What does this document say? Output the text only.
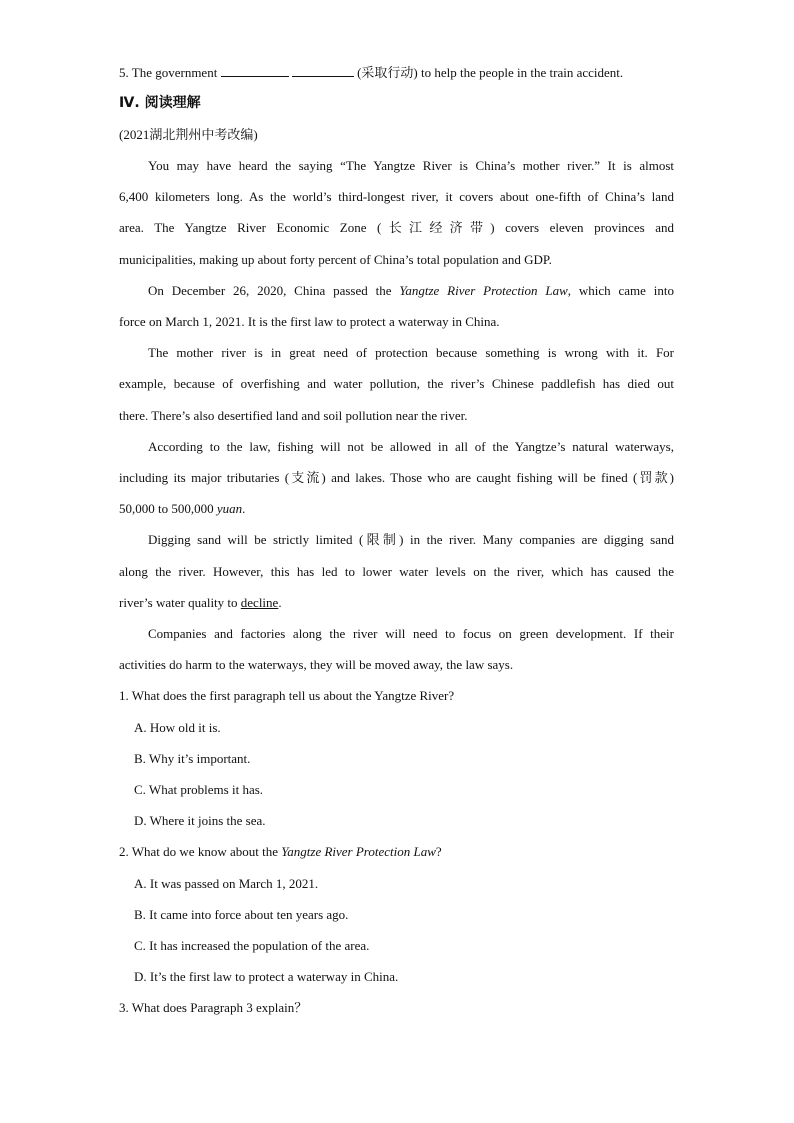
5. The government	(采取行动) to help the people in the train accident.
Ⅳ. 阅读理解
(2021湖北荆州中考改编)
You may have heard the saying “The Yangtze River is China’s mother river.” It is almost
6,400 kilometers long. As the world’s third-longest river, it covers about one-fifth of China’s land
area. The Yangtze River Economic Zone (长江经济带) covers eleven provinces and
municipalities, making up about forty percent of China’s total population and GDP.
On December 26, 2020, China passed the Yangtze River Protection Law, which came into
force on March 1, 2021. It is the first law to protect a waterway in China.
The mother river is in great need of protection because something is wrong with it. For
example, because of overfishing and water pollution, the river’s Chinese paddlefish has died out
there. There’s also desertified land and soil pollution near the river.
According to the law, fishing will not be allowed in all of the Yangtze’s natural waterways,
including its major tributaries (支流) and lakes. Those who are caught fishing will be fined (罚款)
50,000 to 500,000 yuan.
Digging sand will be strictly limited (限制) in the river. Many companies are digging sand
along the river. However, this has led to lower water levels on the river, which has caused the
river’s water quality to decline.
Companies and factories along the river will need to focus on green development. If their
activities do harm to the waterways, they will be moved away, the law says.
1. What does the first paragraph tell us about the Yangtze River?
A. How old it is.
B. Why it’s important.
C. What problems it has.
D. Where it joins the sea.
2. What do we know about the Yangtze River Protection Law?
A. It was passed on March 1, 2021.
B. It came into force about ten years ago.
C. It has increased the population of the area.
D. It’s the first law to protect a waterway in China.
3. What does Paragraph 3 explain？
